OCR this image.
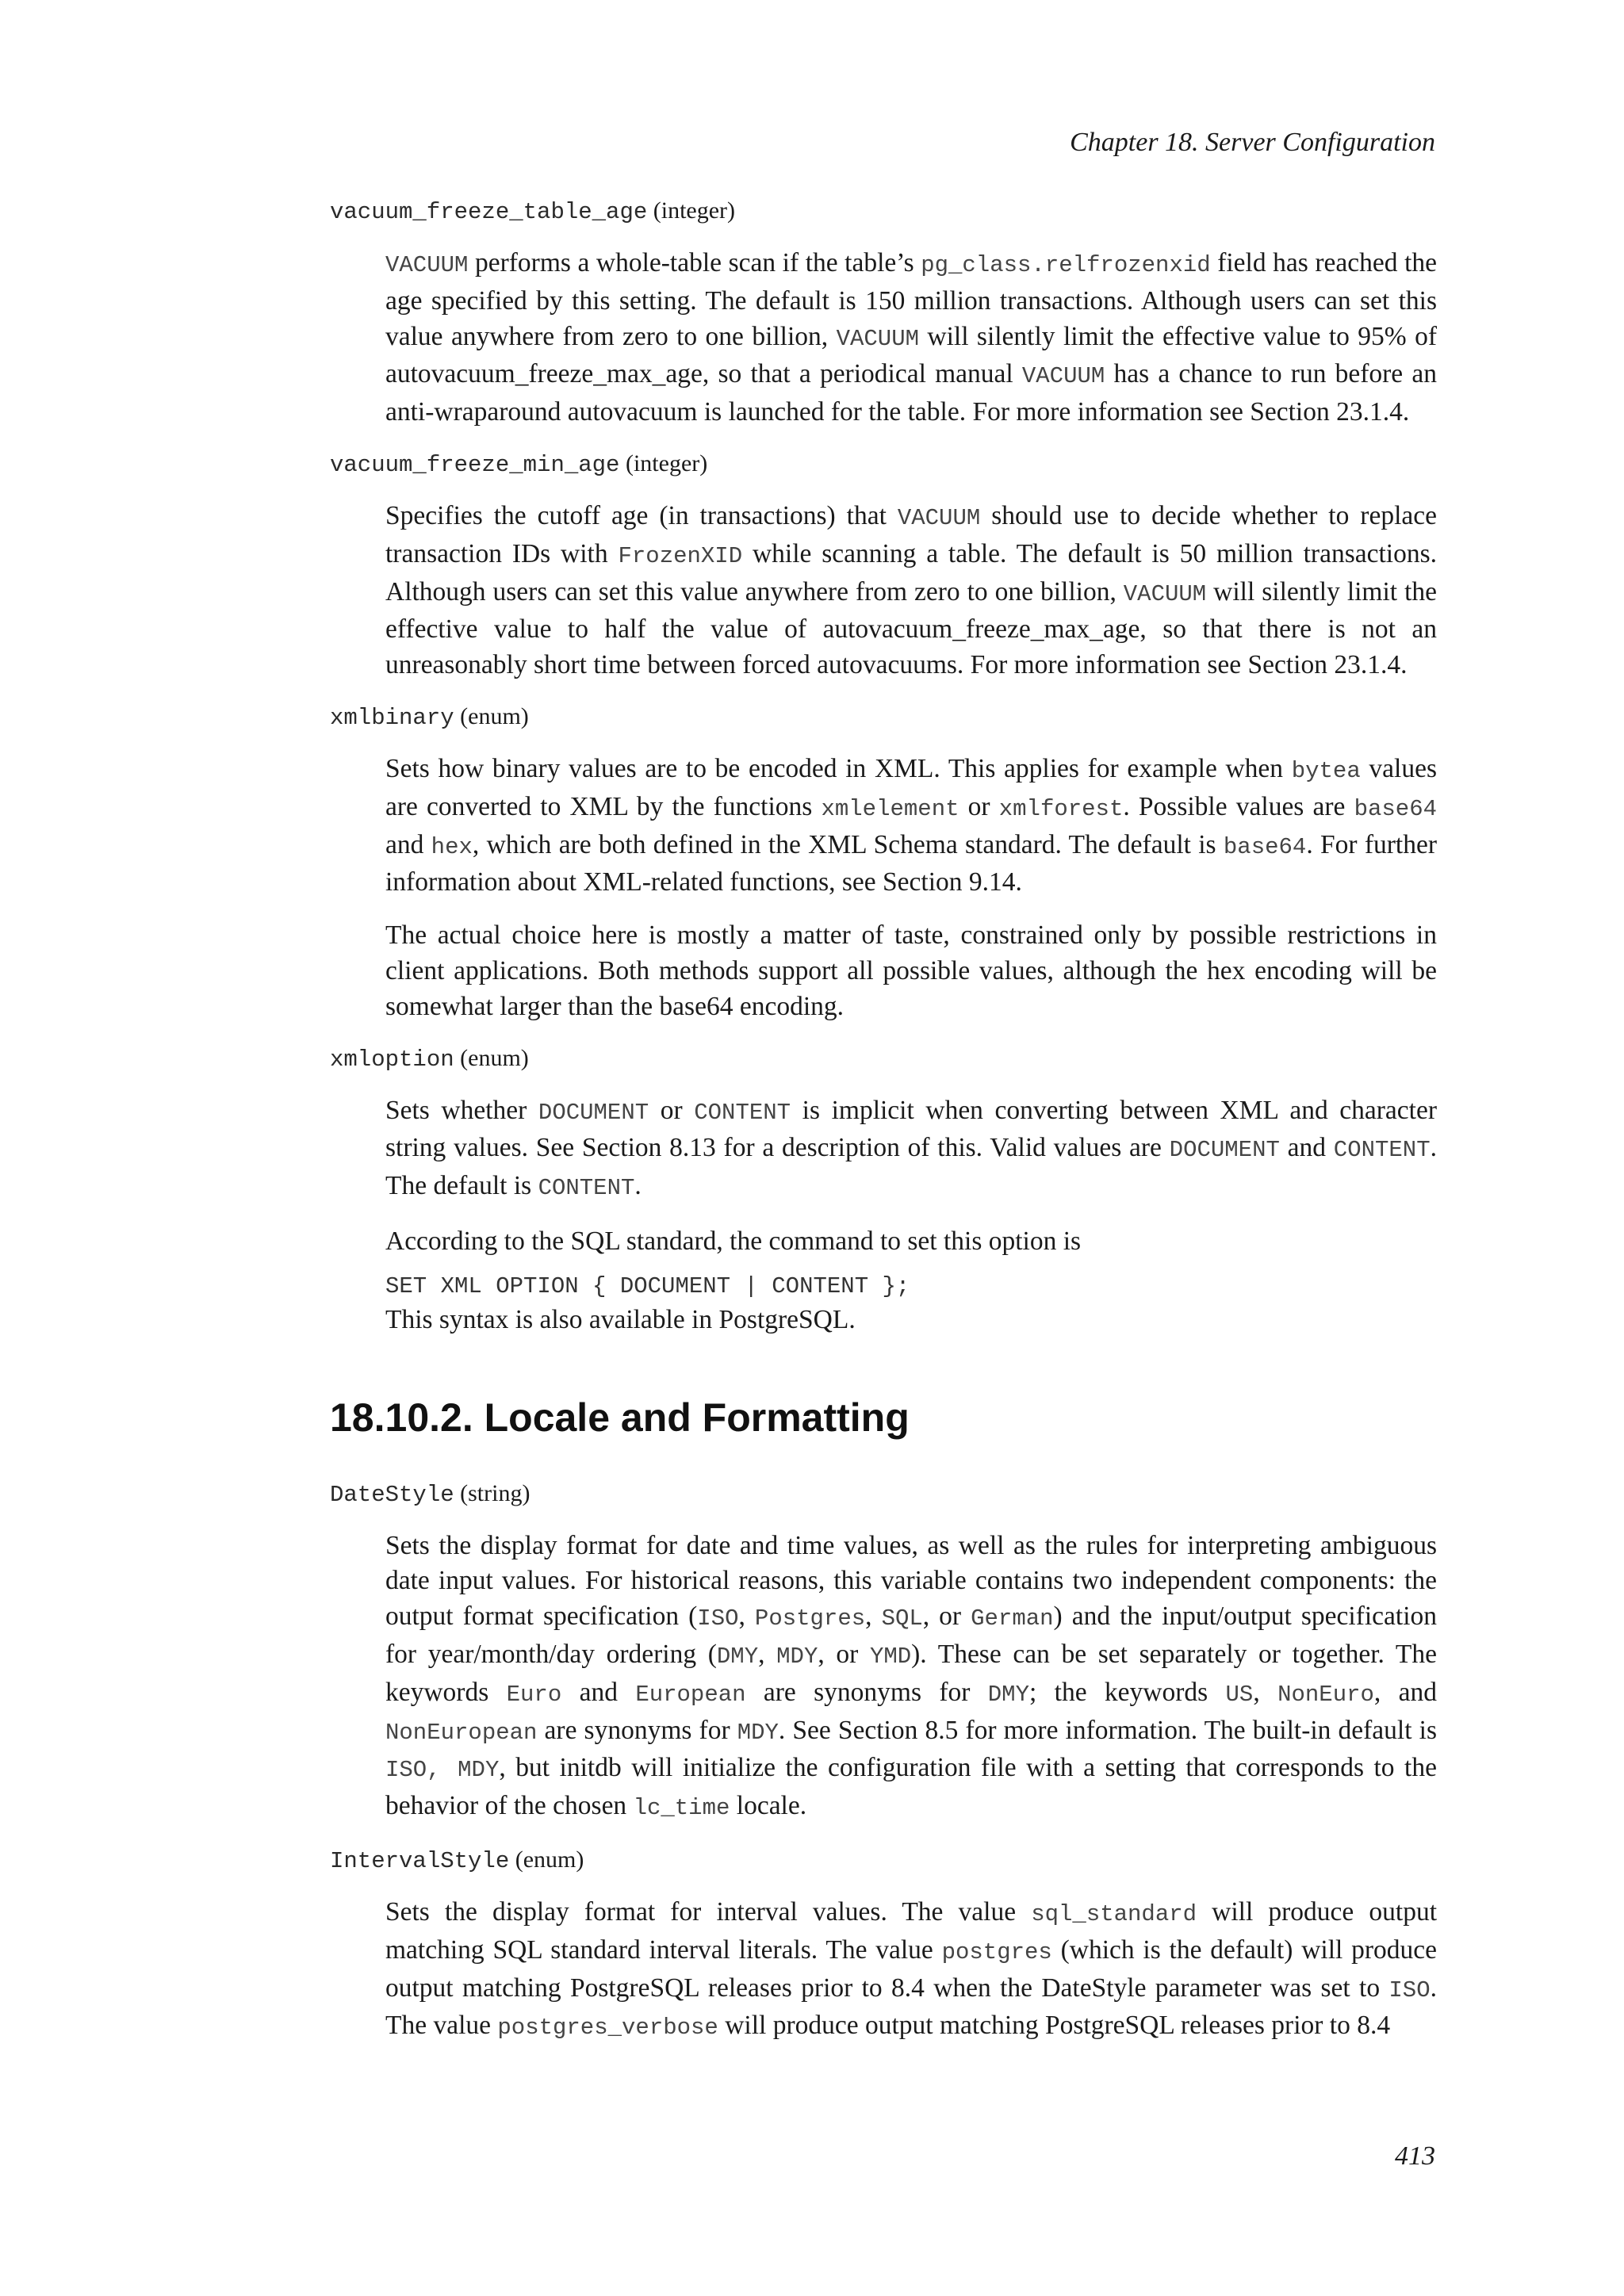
Chapter 18. Server Configuration
vacuum_freeze_table_age (integer)

VACUUM performs a whole-table scan if the table’s pg_class.relfrozenxid field has reached the age specified by this setting. The default is 150 million transactions. Although users can set this value anywhere from zero to one billion, VACUUM will silently limit the effective value to 95% of autovacuum_freeze_max_age, so that a periodical manual VACUUM has a chance to run before an anti-wraparound autovacuum is launched for the table. For more information see Section 23.1.4.

vacuum_freeze_min_age (integer)

Specifies the cutoff age (in transactions) that VACUUM should use to decide whether to replace transaction IDs with FrozenXID while scanning a table. The default is 50 million transactions. Although users can set this value anywhere from zero to one billion, VACUUM will silently limit the effective value to half the value of autovacuum_freeze_max_age, so that there is not an unreasonably short time between forced autovacuums. For more information see Section 23.1.4.

xmlbinary (enum)

Sets how binary values are to be encoded in XML. This applies for example when bytea values are converted to XML by the functions xmlelement or xmlforest. Possible values are base64 and hex, which are both defined in the XML Schema standard. The default is base64. For further information about XML-related functions, see Section 9.14.

The actual choice here is mostly a matter of taste, constrained only by possible restrictions in client applications. Both methods support all possible values, although the hex encoding will be somewhat larger than the base64 encoding.

xmloption (enum)

Sets whether DOCUMENT or CONTENT is implicit when converting between XML and character string values. See Section 8.13 for a description of this. Valid values are DOCUMENT and CONTENT. The default is CONTENT.

According to the SQL standard, the command to set this option is

SET XML OPTION { DOCUMENT | CONTENT };

This syntax is also available in PostgreSQL.

18.10.2. Locale and Formatting
DateStyle (string)

Sets the display format for date and time values, as well as the rules for interpreting ambiguous date input values. For historical reasons, this variable contains two independent components: the output format specification (ISO, Postgres, SQL, or German) and the input/output specification for year/month/day ordering (DMY, MDY, or YMD). These can be set separately or together. The keywords Euro and European are synonyms for DMY; the keywords US, NonEuro, and NonEuropean are synonyms for MDY. See Section 8.5 for more information. The built-in default is ISO, MDY, but initdb will initialize the configuration file with a setting that corresponds to the behavior of the chosen lc_time locale.

IntervalStyle (enum)

Sets the display format for interval values. The value sql_standard will produce output matching SQL standard interval literals. The value postgres (which is the default) will produce output matching PostgreSQL releases prior to 8.4 when the DateStyle parameter was set to ISO. The value postgres_verbose will produce output matching PostgreSQL releases prior to 8.4

413
